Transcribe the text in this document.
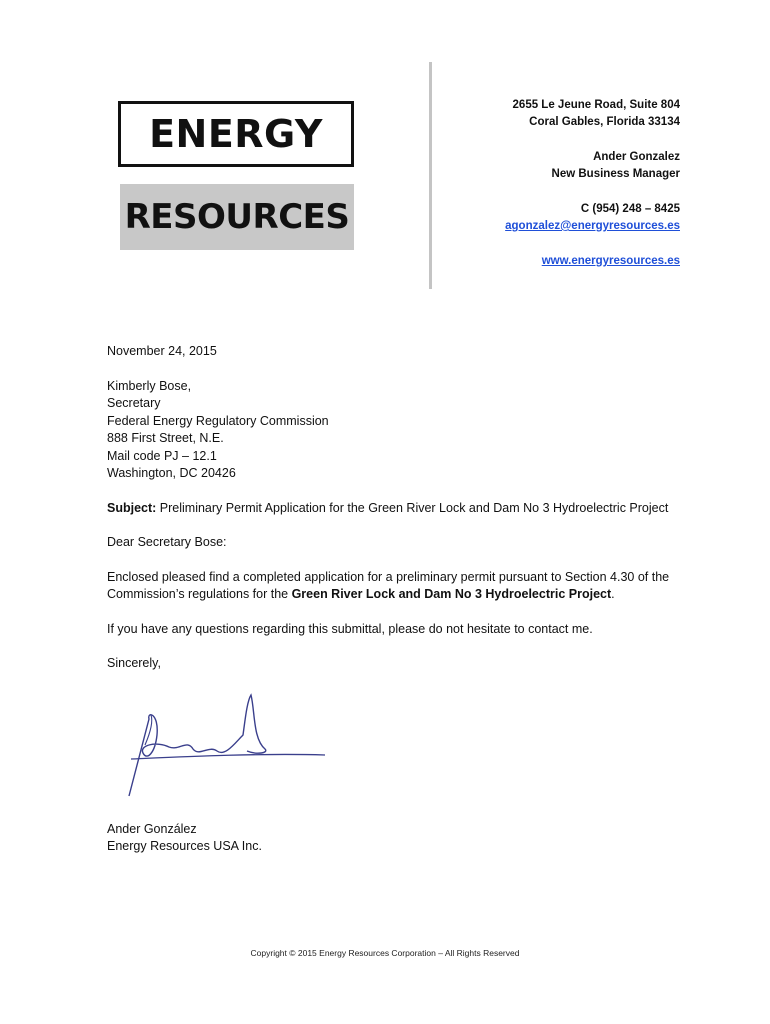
ENERGY
RESOURCES
2655 Le Jeune Road, Suite 804
Coral Gables, Florida 33134
Ander Gonzalez
New Business Manager
C (954) 248 – 8425
agonzalez@energyresources.es
www.energyresources.es

November 24, 2015

Kimberly Bose,
Secretary
Federal Energy Regulatory Commission
888 First Street, N.E.
Mail code PJ – 12.1
Washington, DC 20426

Subject: Preliminary Permit Application for the Green River Lock and Dam No 3 Hydroelectric Project

Dear Secretary Bose:

Enclosed pleased find a completed application for a preliminary permit pursuant to Section 4.30 of the Commission’s regulations for the Green River Lock and Dam No 3 Hydroelectric Project.

If you have any questions regarding this submittal, please do not hesitate to contact me.

Sincerely,

Ander González
Energy Resources USA Inc.
Copyright © 2015 Energy Resources Corporation – All Rights Reserved
